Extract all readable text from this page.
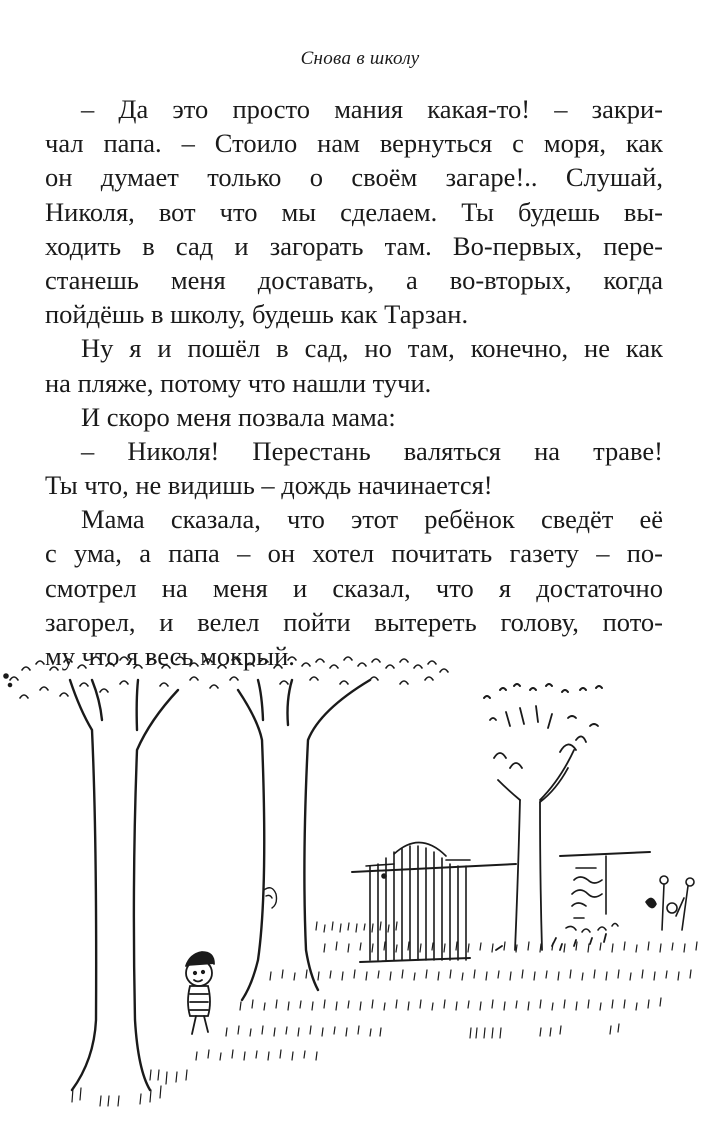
Снова в школу
– Да это просто мания какая-то! – закри-
чал папа. – Стоило нам вернуться с моря, как
он думает только о своём загаре!.. Слушай,
Николя, вот что мы сделаем. Ты будешь вы-
ходить в сад и загорать там. Во-первых, пере-
станешь меня доставать, а во-вторых, когда
пойдёшь в школу, будешь как Тарзан.
Ну я и пошёл в сад, но там, конечно, не как
на пляже, потому что нашли тучи.
И скоро меня позвала мама:
– Николя! Перестань валяться на траве!
Ты что, не видишь – дождь начинается!
Мама сказала, что этот ребёнок сведёт её
с ума, а папа – он хотел почитать газету – по-
смотрел на меня и сказал, что я достаточно
загорел, и велел пойти вытереть голову, пото-
му что я весь мокрый.
